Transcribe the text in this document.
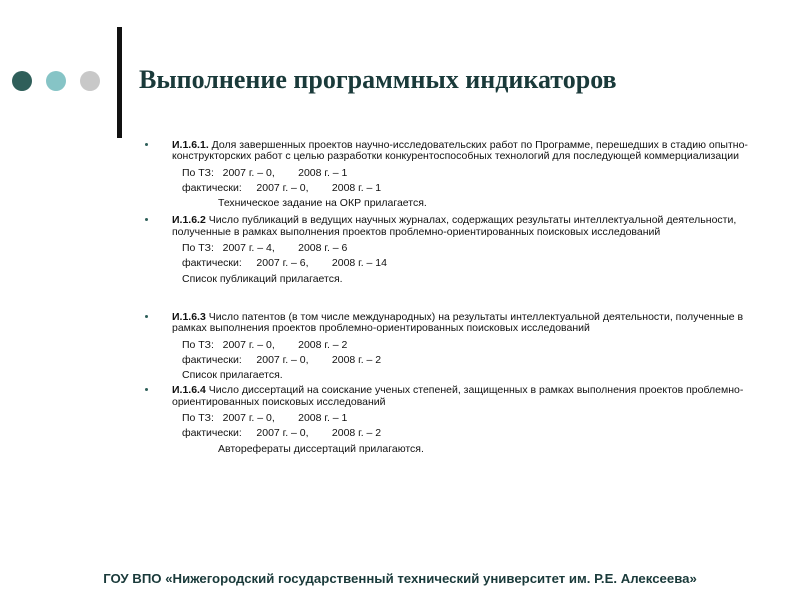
Выполнение программных индикаторов
И.1.6.1. Доля завершенных проектов научно-исследовательских работ по Программе, перешедших в стадию опытно-конструкторских работ с целью разработки конкурентоспособных технологий для последующей коммерциализации
По ТЗ:   2007 г. – 0,        2008 г. – 1
фактически:     2007 г. – 0,        2008 г. – 1
Техническое задание на ОКР прилагается.
И.1.6.2 Число публикаций в ведущих научных журналах, содержащих результаты интеллектуальной деятельности, полученные в рамках выполнения проектов проблемно-ориентированных поисковых исследований
По ТЗ:   2007 г. – 4,        2008 г. – 6
фактически:     2007 г. – 6,        2008 г. – 14
Список публикаций прилагается.
И.1.6.3 Число патентов (в том числе международных) на результаты интеллектуальной деятельности, полученные в рамках выполнения проектов проблемно-ориентированных поисковых исследований
По ТЗ:   2007 г. – 0,        2008 г. – 2
фактически:     2007 г. – 0,        2008 г. – 2
Список прилагается.
И.1.6.4 Число диссертаций на соискание ученых степеней, защищенных в рамках выполнения проектов проблемно-ориентированных поисковых исследований
По ТЗ:   2007 г. – 0,        2008 г. – 1
фактически:     2007 г. – 0,        2008 г. – 2
Авторефераты диссертаций прилагаются.
ГОУ ВПО «Нижегородский государственный технический университет им. Р.Е. Алексеева»
